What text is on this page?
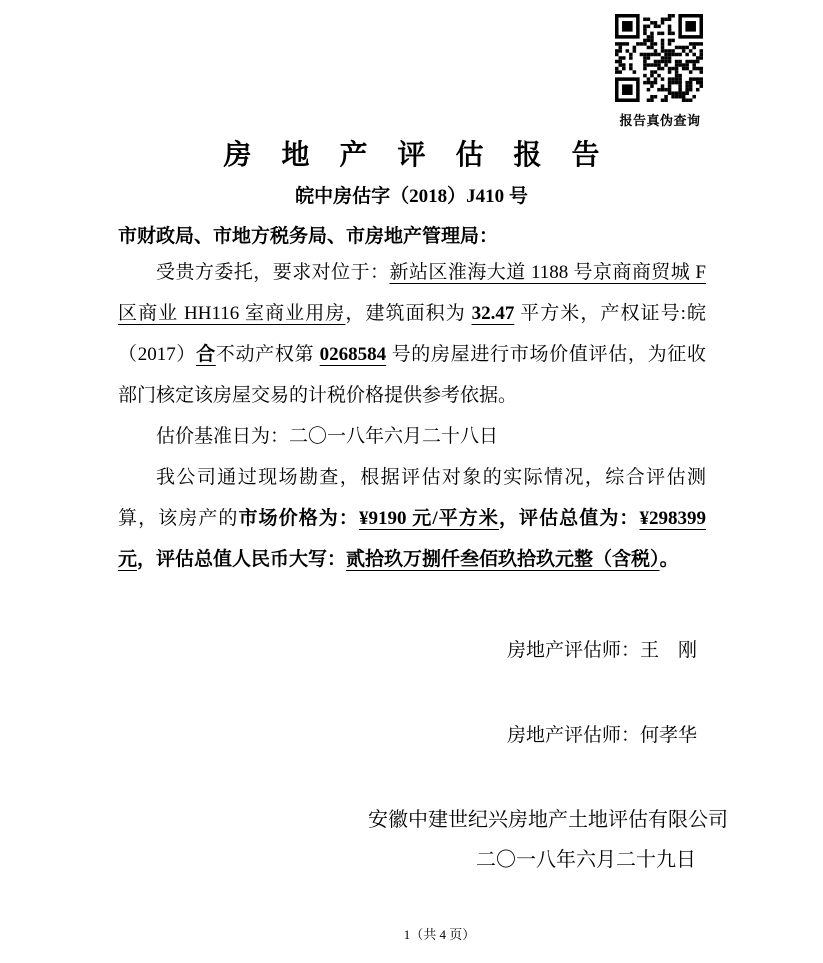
报告真伪查询
房地产评估报告
皖中房估字（2018）J410 号
市财政局、市地方税务局、市房地产管理局：

受贵方委托，要求对位于：新站区淮海大道 1188 号京商商贸城 F 区商业 HH116 室商业用房，建筑面积为 32.47 平方米，产权证号:皖（2017）合不动产权第 0268584 号的房屋进行市场价值评估，为征收部门核定该房屋交易的计税价格提供参考依据。

估价基准日为：二〇一八年六月二十八日

我公司通过现场勘查，根据评估对象的实际情况，综合评估测算，该房产的市场价格为：¥9190 元/平方米，评估总值为：¥298399 元，评估总值人民币大写：贰拾玖万捌仟叁佰玖拾玖元整（含税）。

房地产评估师：王　刚
房地产评估师：何孝华
安徽中建世纪兴房地产土地评估有限公司
二〇一八年六月二十九日
1（共 4 页）
